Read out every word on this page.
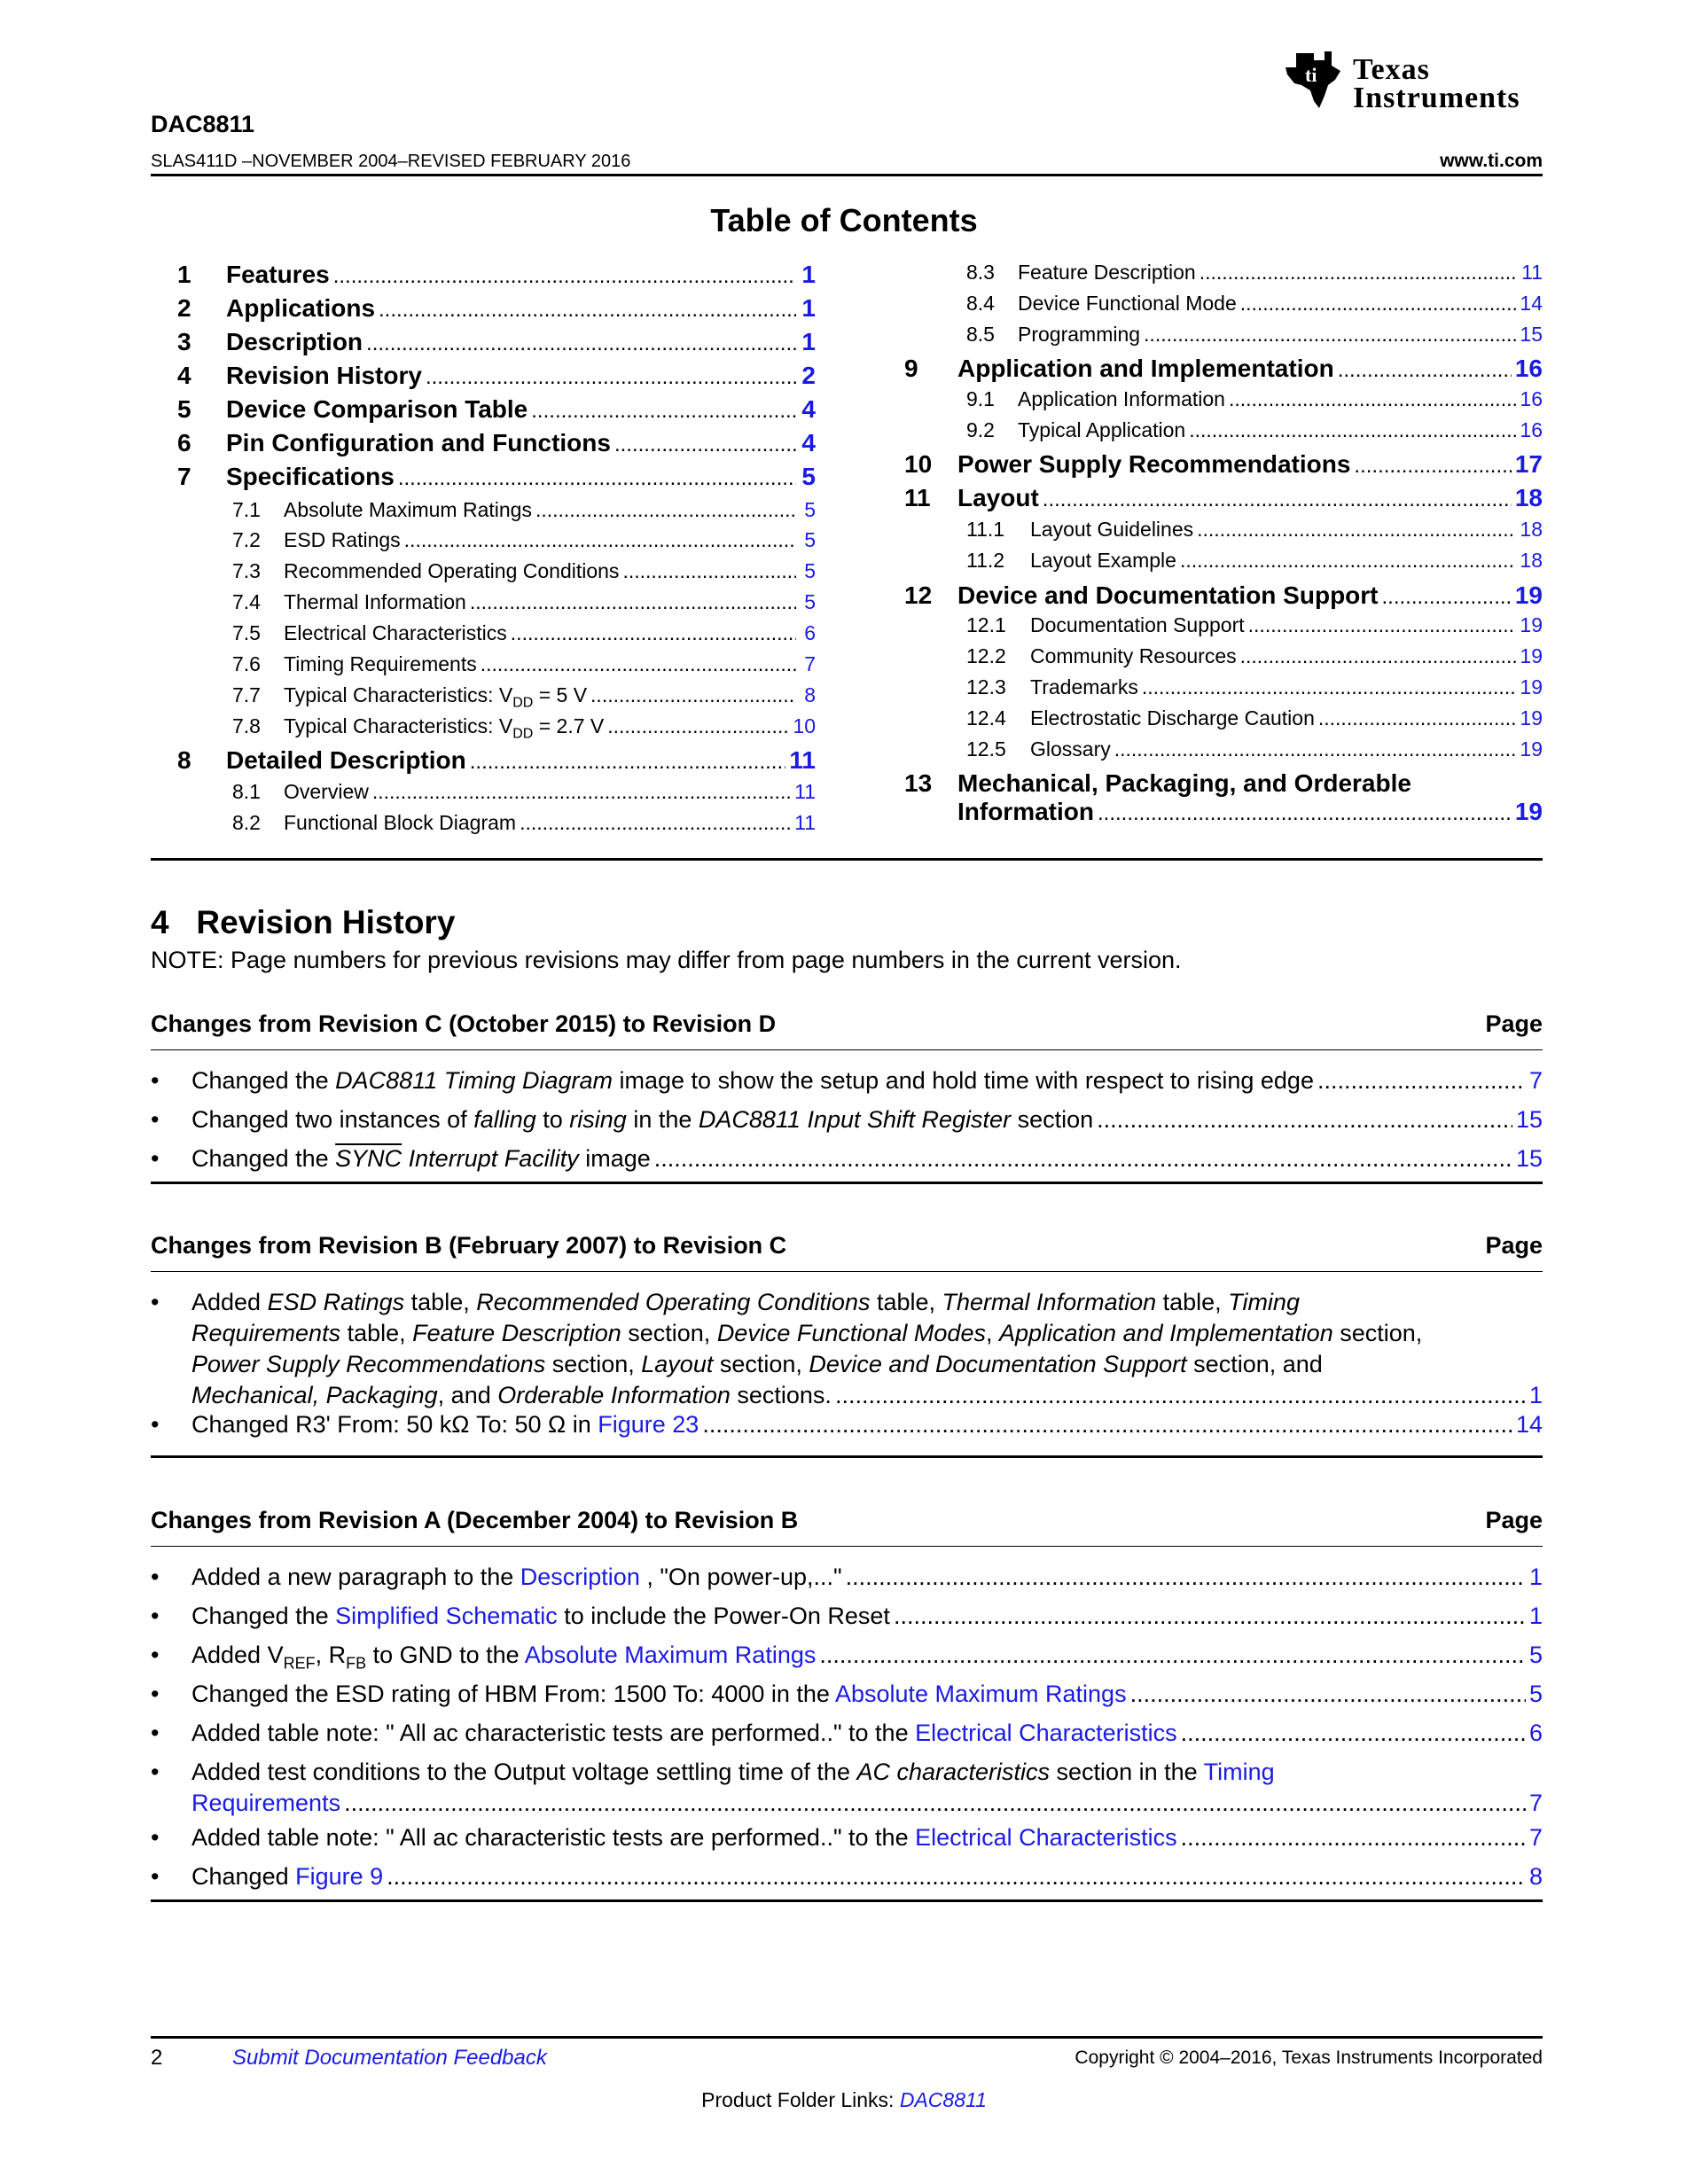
ti Texas
Instruments
DAC8811
SLAS411D –NOVEMBER 2004–REVISED FEBRUARY 2016	www.ti.com
Table of Contents
1	Features .....	1
2	Applications .....	1
3	Description .....	1
4	Revision History .....	2
5	Device Comparison Table .....	4
6	Pin Configuration and Functions .....	4
7	Specifications .....	5
7.1	Absolute Maximum Ratings .....	5
7.2	ESD Ratings .....	5
7.3	Recommended Operating Conditions .....	5
7.4	Thermal Information .....	5
7.5	Electrical Characteristics .....	6
7.6	Timing Requirements .....	7
7.7	Typical Characteristics: $V_{DD} = 5$ V .....	8
7.8	Typical Characteristics: $V_{DD} = 2.7$ V .....	10
8	Detailed Description .....	11
8.1	Overview .....	11
8.2	Functional Block Diagram .....	11
8.3	Feature Description .....	11
8.4	Device Functional Mode .....	14
8.5	Programming .....	15
9	Application and Implementation .....	16
9.1	Application Information .....	16
9.2	Typical Application .....	16
10	Power Supply Recommendations .....	17
11	Layout .....	18
11.1	Layout Guidelines .....	18
11.2	Layout Example .....	18
12	Device and Documentation Support .....	19
12.1	Documentation Support .....	19
12.2	Community Resources .....	19
12.3	Trademarks .....	19
12.4	Electrostatic Discharge Caution .....	19
12.5	Glossary .....	19
13	Mechanical, Packaging, and Orderable
Information .....	19
4 Revision History
NOTE: Page numbers for previous revisions may differ from page numbers in the current version.
Changes from Revision C (October 2015) to Revision D	Page
• Changed the DAC8811 Timing Diagram image to show the setup and hold time with respect to rising edge .....	7
• Changed two instances of falling to rising in the DAC8811 Input Shift Register section .....	15
• Changed the SYNC Interrupt Facility image .....	15
Changes from Revision B (February 2007) to Revision C	Page
• Added ESD Ratings table, Recommended Operating Conditions table, Thermal Information table, Timing
Requirements table, Feature Description section, Device Functional Modes, Application and Implementation section,
Power Supply Recommendations section, Layout section, Device and Documentation Support section, and
Mechanical, Packaging, and Orderable Information sections. .....	1
• Changed R3' From: 50 kΩ To: 50 Ω in Figure 23 .....	14
Changes from Revision A (December 2004) to Revision B	Page
• Added a new paragraph to the Description , "On power-up,..." .....	1
• Changed the Simplified Schematic to include the Power-On Reset .....	1
• Added $V_{REF}$, $R_{FB}$ to GND to the Absolute Maximum Ratings .....	5
• Changed the ESD rating of HBM From: 1500 To: 4000 in the Absolute Maximum Ratings .....	5
• Added table note: " All ac characteristic tests are performed.." to the Electrical Characteristics .....	6
• Added test conditions to the Output voltage settling time of the AC characteristics section in the Timing
Requirements .....	7
• Added table note: " All ac characteristic tests are performed.." to the Electrical Characteristics .....	7
• Changed Figure 9 .....	8
2	Submit Documentation Feedback	Copyright © 2004–2016, Texas Instruments Incorporated
Product Folder Links: DAC8811
